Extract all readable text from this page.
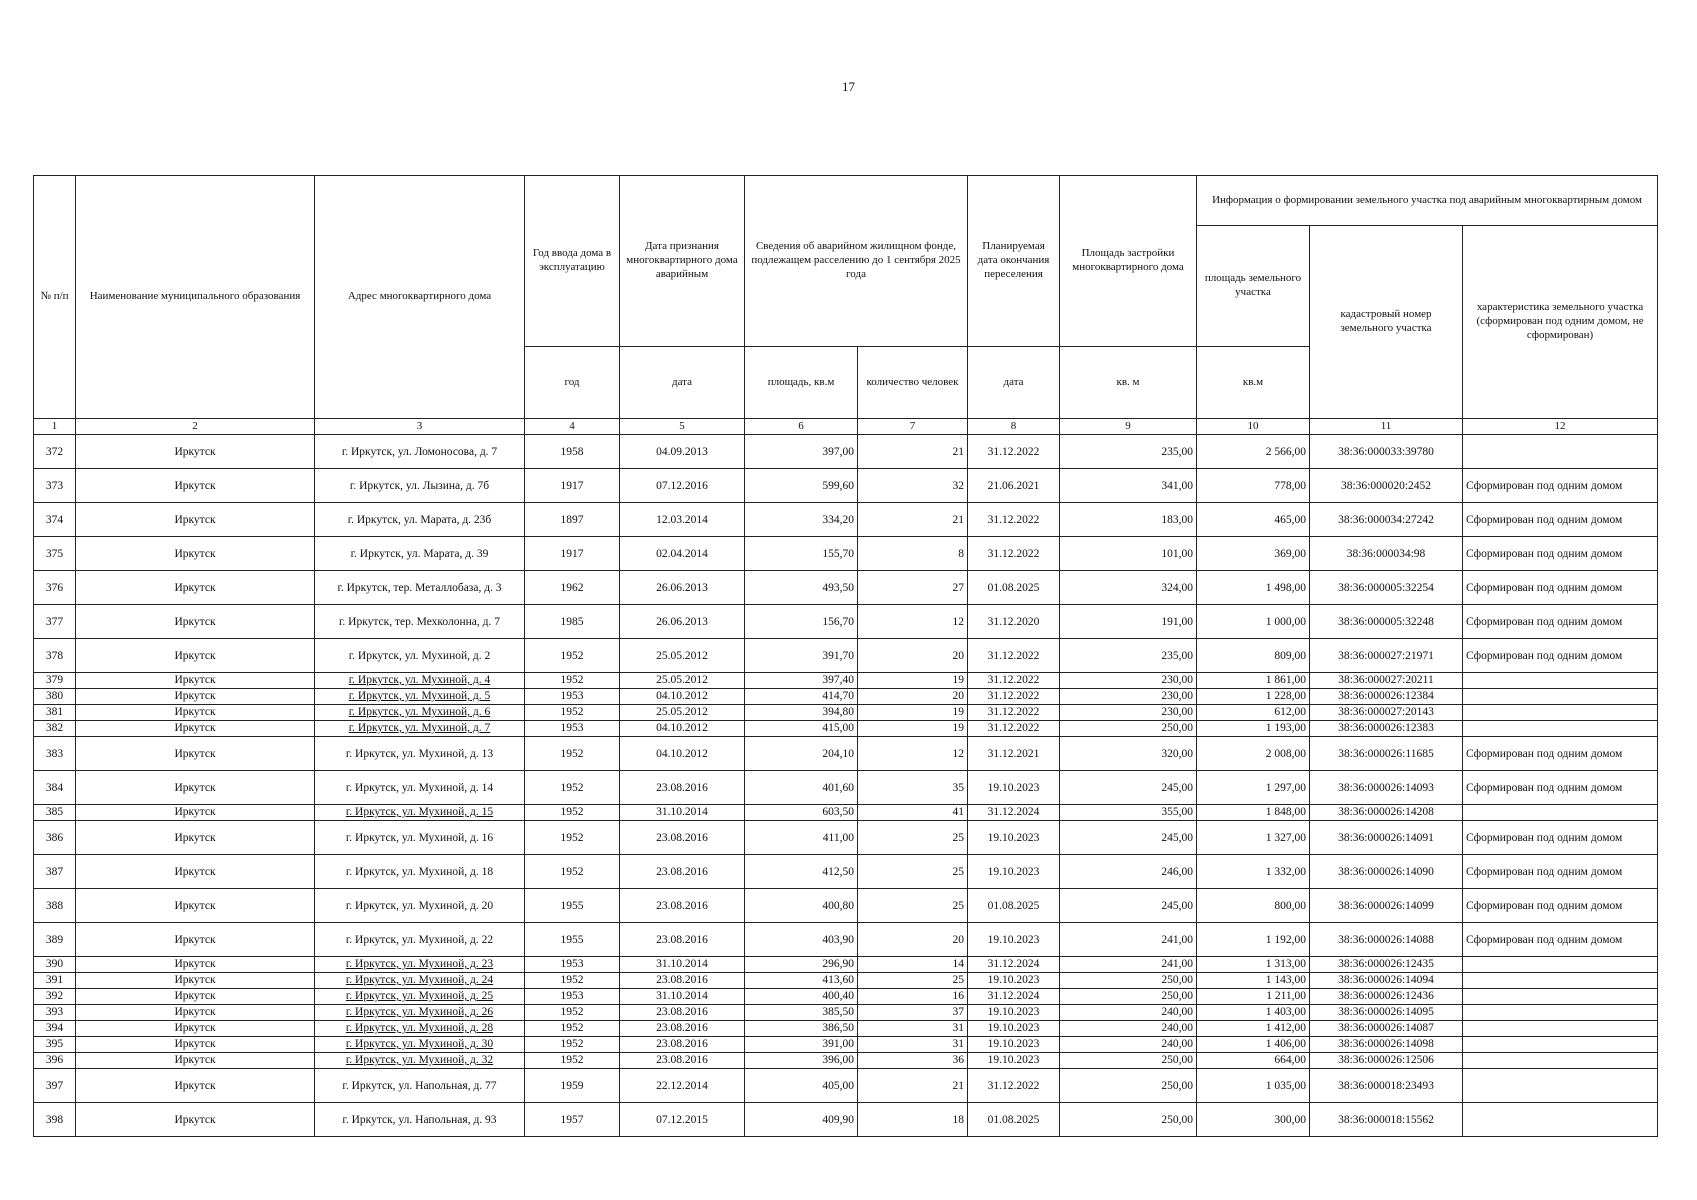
17
№ п/п	Наименование муниципального образования	Адрес многоквартирного дома	Год ввода дома в эксплуатацию	Дата признания многоквартирного дома аварийным	Сведения об аварийном жилищном фонде, подлежащем расселению до 1 сентября 2025 года		Планируемая дата окончания переселения	Площадь застройки многоквартирного дома	Информация о формировании земельного участка под аварийным многоквартирным домом		
									площадь земельного участка	кадастровый номер земельного участка	характеристика земельного участка (сформирован под одним домом, не сформирован)
			год	дата	площадь, кв.м	количество человек	дата	кв. м	кв.м		
1	2	3	4	5	6	7	8	9	10	11	12
372	Иркутск	г. Иркутск, ул. Ломоносова, д. 7	1958	04.09.2013	397,00	21	31.12.2022	235,00	2 566,00	38:36:000033:39780	
373	Иркутск	г. Иркутск, ул. Лызина, д. 7б	1917	07.12.2016	599,60	32	21.06.2021	341,00	778,00	38:36:000020:2452	Сформирован под одним домом
374	Иркутск	г. Иркутск, ул. Марата, д. 23б	1897	12.03.2014	334,20	21	31.12.2022	183,00	465,00	38:36:000034:27242	Сформирован под одним домом
375	Иркутск	г. Иркутск, ул. Марата, д. 39	1917	02.04.2014	155,70	8	31.12.2022	101,00	369,00	38:36:000034:98	Сформирован под одним домом
376	Иркутск	г. Иркутск, тер. Металлобаза, д. 3	1962	26.06.2013	493,50	27	01.08.2025	324,00	1 498,00	38:36:000005:32254	Сформирован под одним домом
377	Иркутск	г. Иркутск, тер. Мехколонна, д. 7	1985	26.06.2013	156,70	12	31.12.2020	191,00	1 000,00	38:36:000005:32248	Сформирован под одним домом
378	Иркутск	г. Иркутск, ул. Мухиной, д. 2	1952	25.05.2012	391,70	20	31.12.2022	235,00	809,00	38:36:000027:21971	Сформирован под одним домом
379	Иркутск	г. Иркутск, ул. Мухиной, д. 4	1952	25.05.2012	397,40	19	31.12.2022	230,00	1 861,00	38:36:000027:20211	
380	Иркутск	г. Иркутск, ул. Мухиной, д. 5	1953	04.10.2012	414,70	20	31.12.2022	230,00	1 228,00	38:36:000026:12384	
381	Иркутск	г. Иркутск, ул. Мухиной, д. 6	1952	25.05.2012	394,80	19	31.12.2022	230,00	612,00	38:36:000027:20143	
382	Иркутск	г. Иркутск, ул. Мухиной, д. 7	1953	04.10.2012	415,00	19	31.12.2022	250,00	1 193,00	38:36:000026:12383	
383	Иркутск	г. Иркутск, ул. Мухиной, д. 13	1952	04.10.2012	204,10	12	31.12.2021	320,00	2 008,00	38:36:000026:11685	Сформирован под одним домом
384	Иркутск	г. Иркутск, ул. Мухиной, д. 14	1952	23.08.2016	401,60	35	19.10.2023	245,00	1 297,00	38:36:000026:14093	Сформирован под одним домом
385	Иркутск	г. Иркутск, ул. Мухиной, д. 15	1952	31.10.2014	603,50	41	31.12.2024	355,00	1 848,00	38:36:000026:14208	
386	Иркутск	г. Иркутск, ул. Мухиной, д. 16	1952	23.08.2016	411,00	25	19.10.2023	245,00	1 327,00	38:36:000026:14091	Сформирован под одним домом
387	Иркутск	г. Иркутск, ул. Мухиной, д. 18	1952	23.08.2016	412,50	25	19.10.2023	246,00	1 332,00	38:36:000026:14090	Сформирован под одним домом
388	Иркутск	г. Иркутск, ул. Мухиной, д. 20	1955	23.08.2016	400,80	25	01.08.2025	245,00	800,00	38:36:000026:14099	Сформирован под одним домом
389	Иркутск	г. Иркутск, ул. Мухиной, д. 22	1955	23.08.2016	403,90	20	19.10.2023	241,00	1 192,00	38:36:000026:14088	Сформирован под одним домом
390	Иркутск	г. Иркутск, ул. Мухиной, д. 23	1953	31.10.2014	296,90	14	31.12.2024	241,00	1 313,00	38:36:000026:12435	
391	Иркутск	г. Иркутск, ул. Мухиной, д. 24	1952	23.08.2016	413,60	25	19.10.2023	250,00	1 143,00	38:36:000026:14094	
392	Иркутск	г. Иркутск, ул. Мухиной, д. 25	1953	31.10.2014	400,40	16	31.12.2024	250,00	1 211,00	38:36:000026:12436	
393	Иркутск	г. Иркутск, ул. Мухиной, д. 26	1952	23.08.2016	385,50	37	19.10.2023	240,00	1 403,00	38:36:000026:14095	
394	Иркутск	г. Иркутск, ул. Мухиной, д. 28	1952	23.08.2016	386,50	31	19.10.2023	240,00	1 412,00	38:36:000026:14087	
395	Иркутск	г. Иркутск, ул. Мухиной, д. 30	1952	23.08.2016	391,00	31	19.10.2023	240,00	1 406,00	38:36:000026:14098	
396	Иркутск	г. Иркутск, ул. Мухиной, д. 32	1952	23.08.2016	396,00	36	19.10.2023	250,00	664,00	38:36:000026:12506	
397	Иркутск	г. Иркутск, ул. Напольная, д. 77	1959	22.12.2014	405,00	21	31.12.2022	250,00	1 035,00	38:36:000018:23493	
398	Иркутск	г. Иркутск, ул. Напольная, д. 93	1957	07.12.2015	409,90	18	01.08.2025	250,00	300,00	38:36:000018:15562	
